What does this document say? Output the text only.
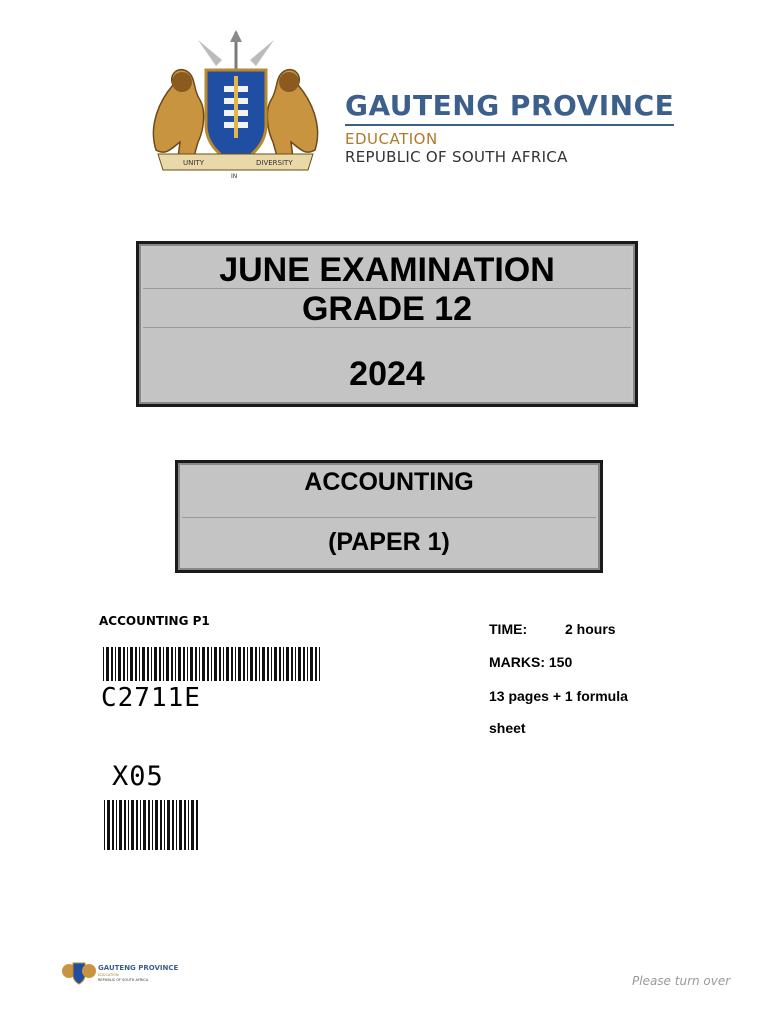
UNITY
IN
DIVERSITY
GAUTENG PROVINCE
EDUCATION
REPUBLIC OF SOUTH AFRICA
JUNE EXAMINATION
GRADE 12
2024
ACCOUNTING
(PAPER 1)
ACCOUNTING P1
C2711E
X05
TIME:	2 hours
MARKS: 150
13 pages + 1 formula
sheet
GAUTENG PROVINCE
EDUCATION
REPUBLIC OF SOUTH AFRICA	Please turn over
